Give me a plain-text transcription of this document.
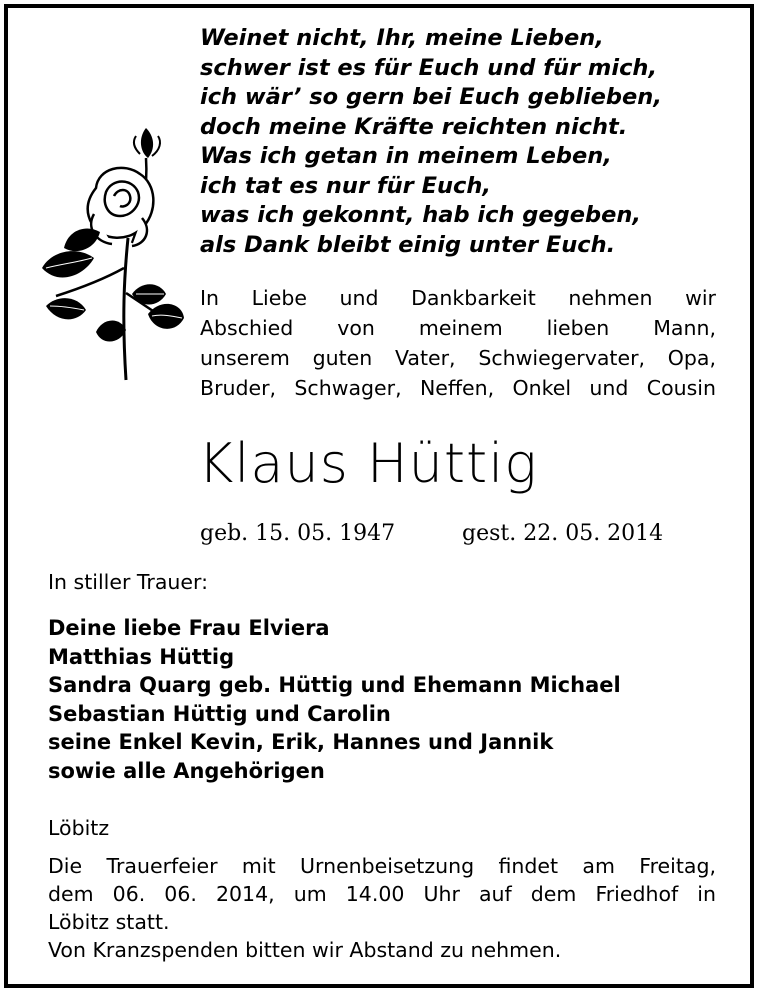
Weinet nicht, Ihr, meine Lieben,
schwer ist es für Euch und für mich,
ich wär’ so gern bei Euch geblieben,
doch meine Kräfte reichten nicht.
Was ich getan in meinem Leben,
ich tat es nur für Euch,
was ich gekonnt, hab ich gegeben,
als Dank bleibt einig unter Euch.
In Liebe und Dankbarkeit nehmen wir
Abschied von meinem lieben Mann,
unserem guten Vater, Schwiegervater, Opa,
Bruder, Schwager, Neffen, Onkel und Cousin
Klaus Hüttig
geb. 15. 05. 1947	gest. 22. 05. 2014
In stiller Trauer:
Deine liebe Frau Elviera
Matthias Hüttig
Sandra Quarg geb. Hüttig und Ehemann Michael
Sebastian Hüttig und Carolin
seine Enkel Kevin, Erik, Hannes und Jannik
sowie alle Angehörigen
Löbitz
Die Trauerfeier mit Urnenbeisetzung findet am Freitag,
dem 06. 06. 2014, um 14.00 Uhr auf dem Friedhof in
Löbitz statt.
Von Kranzspenden bitten wir Abstand zu nehmen.
